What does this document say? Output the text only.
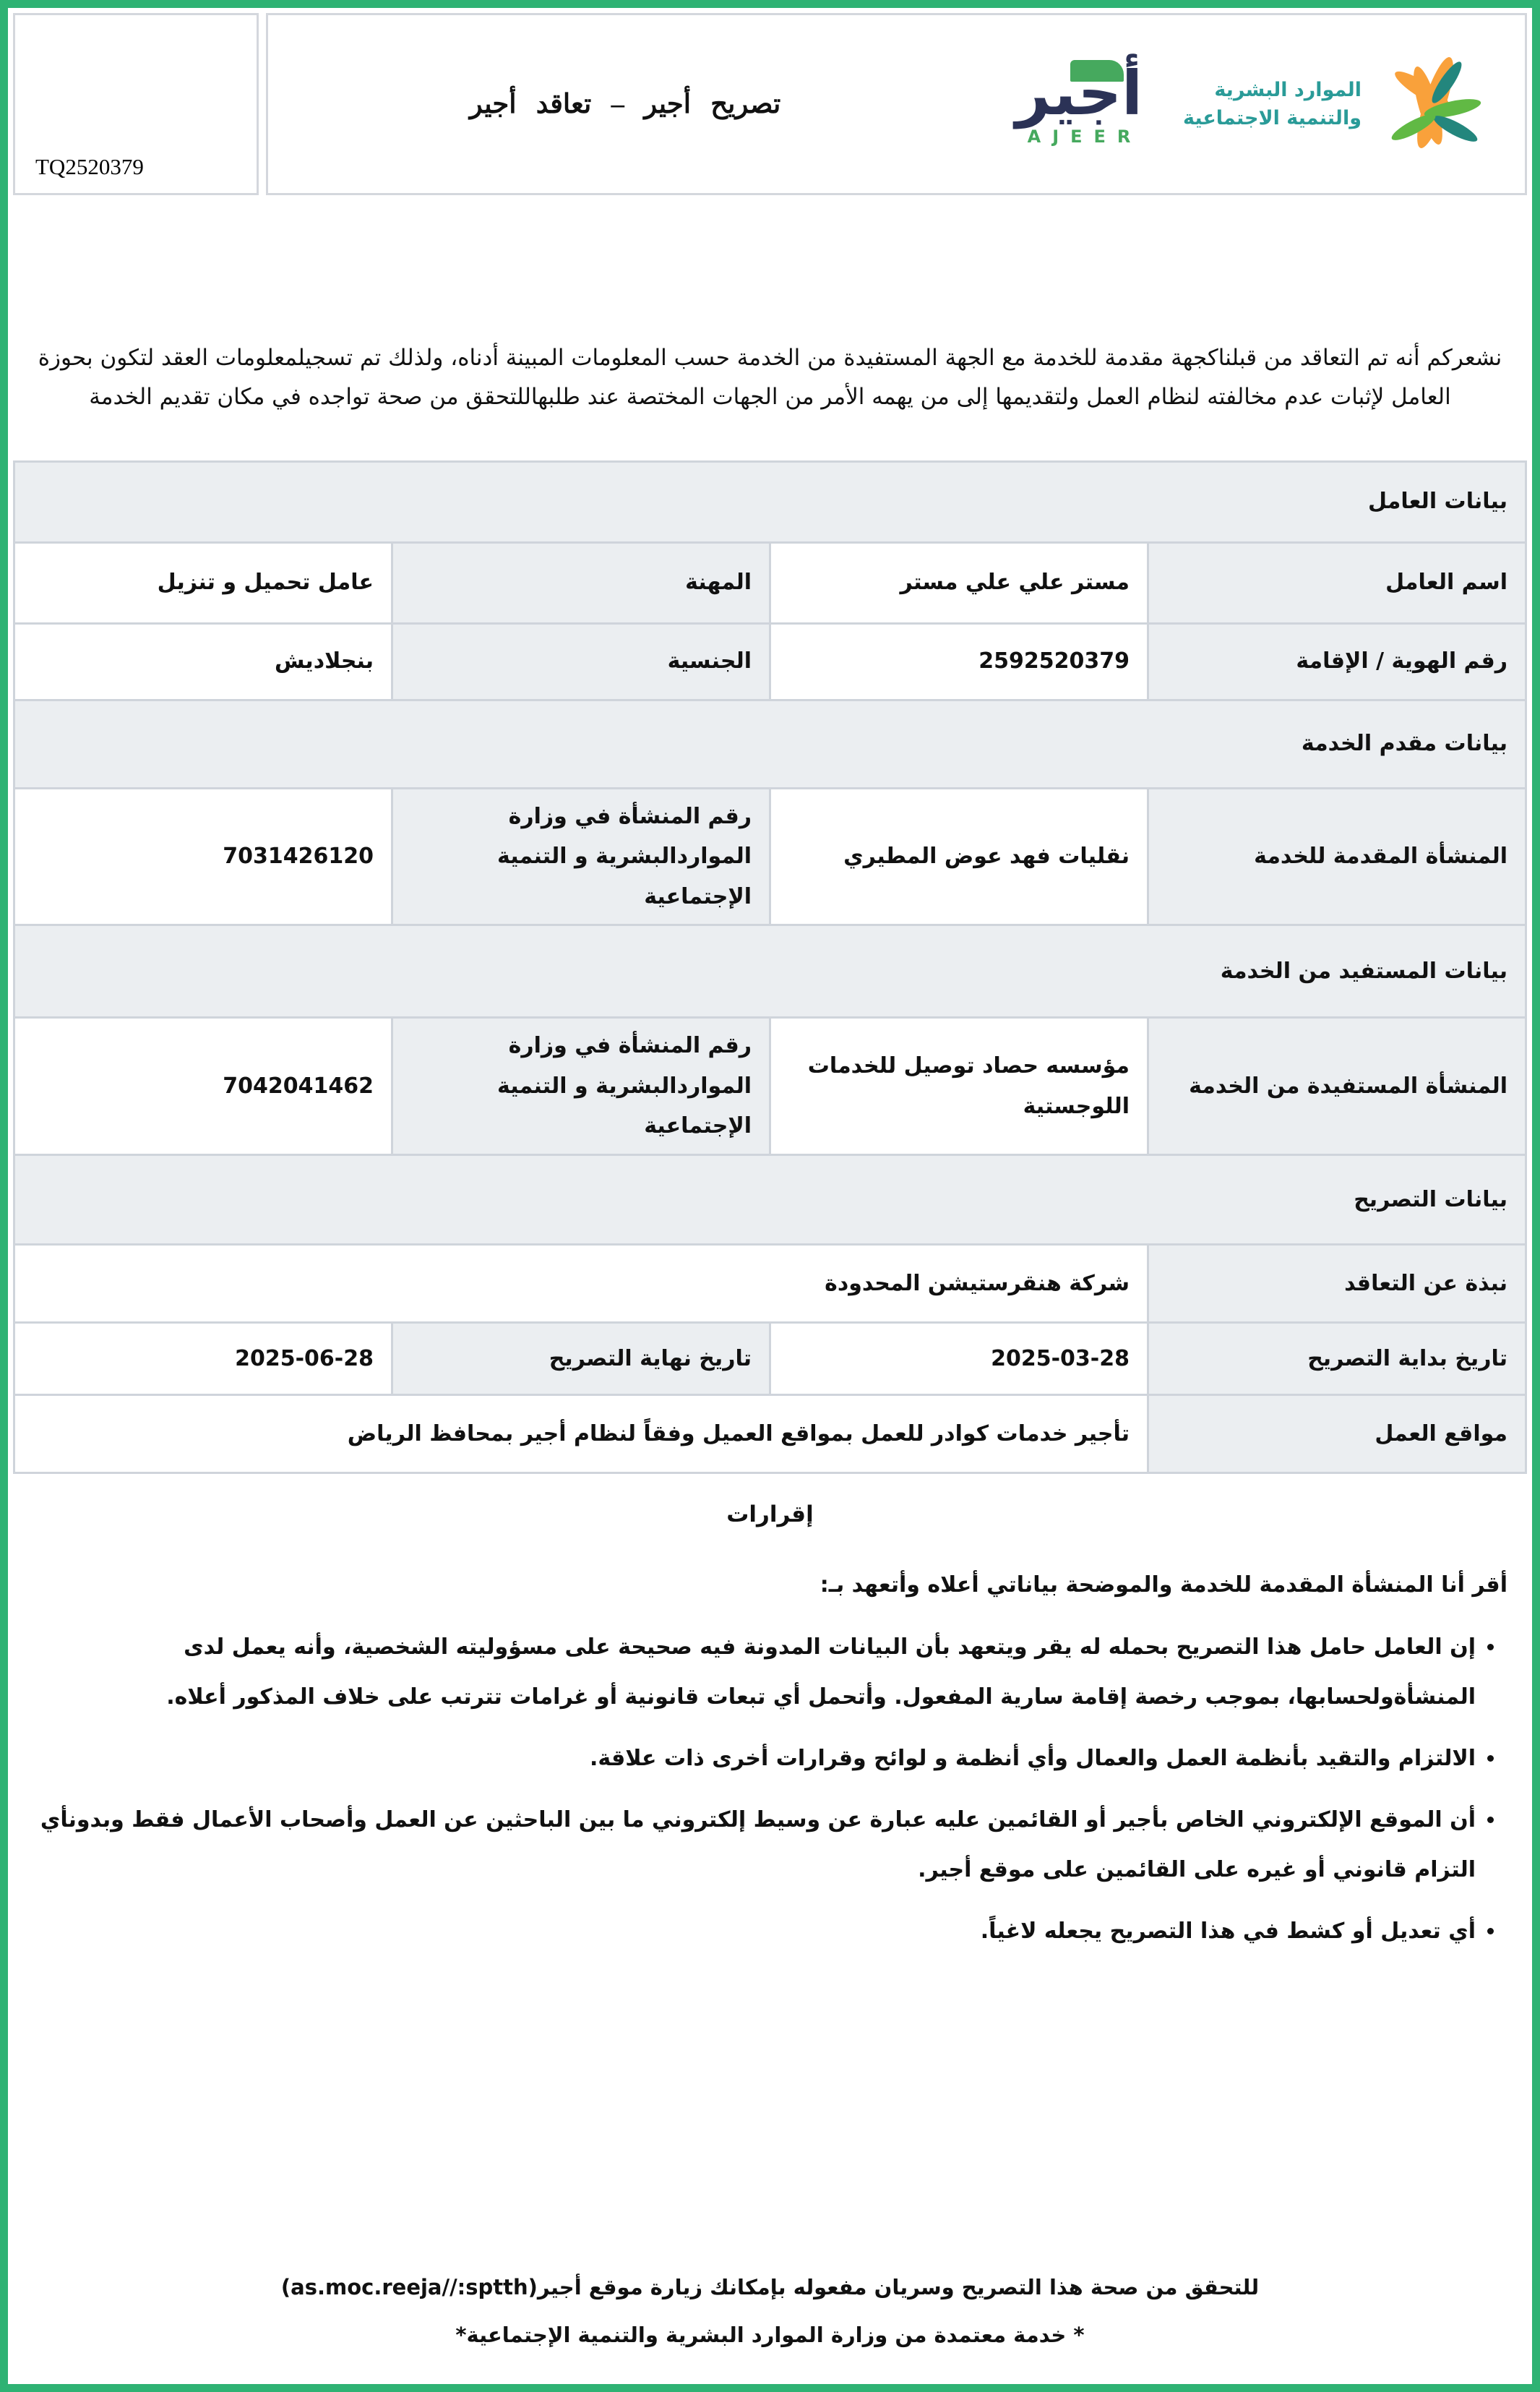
TQ2520379
الموارد البشرية
والتنمية الاجتماعية
أجير
AJEER
تصريح أجير – تعاقد أجير

نشعركم أنه تم التعاقد من قبلناكجهة مقدمة للخدمة مع الجهة المستفيدة من الخدمة حسب المعلومات المبينة أدناه، ولذلك تم تسجيلمعلومات العقد لتكون بحوزة العامل لإثبات عدم مخالفته لنظام العمل ولتقديمها إلى من يهمه الأمر من الجهات المختصة عند طلبهاللتحقق من صحة تواجده في مكان تقديم الخدمة

بيانات العامل			
اسم العامل	مستر علي علي مستر	المهنة	عامل تحميل و تنزيل
رقم الهوية / الإقامة	2592520379	الجنسية	بنجلاديش
بيانات مقدم الخدمة			
المنشأة المقدمة للخدمة	نقليات فهد عوض المطيري	رقم المنشأة في وزارة المواردالبشرية و التنمية الإجتماعية	7031426120
بيانات المستفيد من الخدمة			
المنشأة المستفيدة من الخدمة	مؤسسه حصاد توصيل للخدمات اللوجستية	رقم المنشأة في وزارة المواردالبشرية و التنمية الإجتماعية	7042041462
بيانات التصريح			
نبذة عن التعاقد	شركة هنقرستيشن المحدودة		
تاريخ بداية التصريح	2025-03-28	تاريخ نهاية التصريح	2025-06-28
مواقع العمل	تأجير خدمات كوادر للعمل بمواقع العميل وفقاً لنظام أجير بمحافظ الرياض		
إقرارات

أقر أنا المنشأة المقدمة للخدمة والموضحة بياناتي أعلاه وأتعهد بـ:

• إن العامل حامل هذا التصريح بحمله له يقر ويتعهد بأن البيانات المدونة فيه صحيحة على مسؤوليته الشخصية، وأنه يعمل لدى المنشأةولحسابها، بموجب رخصة إقامة سارية المفعول. وأتحمل أي تبعات قانونية أو غرامات تترتب على خلاف المذكور أعلاه.
• الالتزام والتقيد بأنظمة العمل والعمال وأي أنظمة و لوائح وقرارات أخرى ذات علاقة.
• أن الموقع الإلكتروني الخاص بأجير أو القائمين عليه عبارة عن وسيط إلكتروني ما بين الباحثين عن العمل وأصحاب الأعمال فقط وبدونأي التزام قانوني أو غيره على القائمين على موقع أجير.
• أي تعديل أو كشط في هذا التصريح يجعله لاغياً.
للتحقق من صحة هذا التصريح وسريان مفعوله بإمكانك زيارة موقع أجير(as.moc.reeja//:sptth)
* خدمة معتمدة من وزارة الموارد البشرية والتنمية الإجتماعية*
